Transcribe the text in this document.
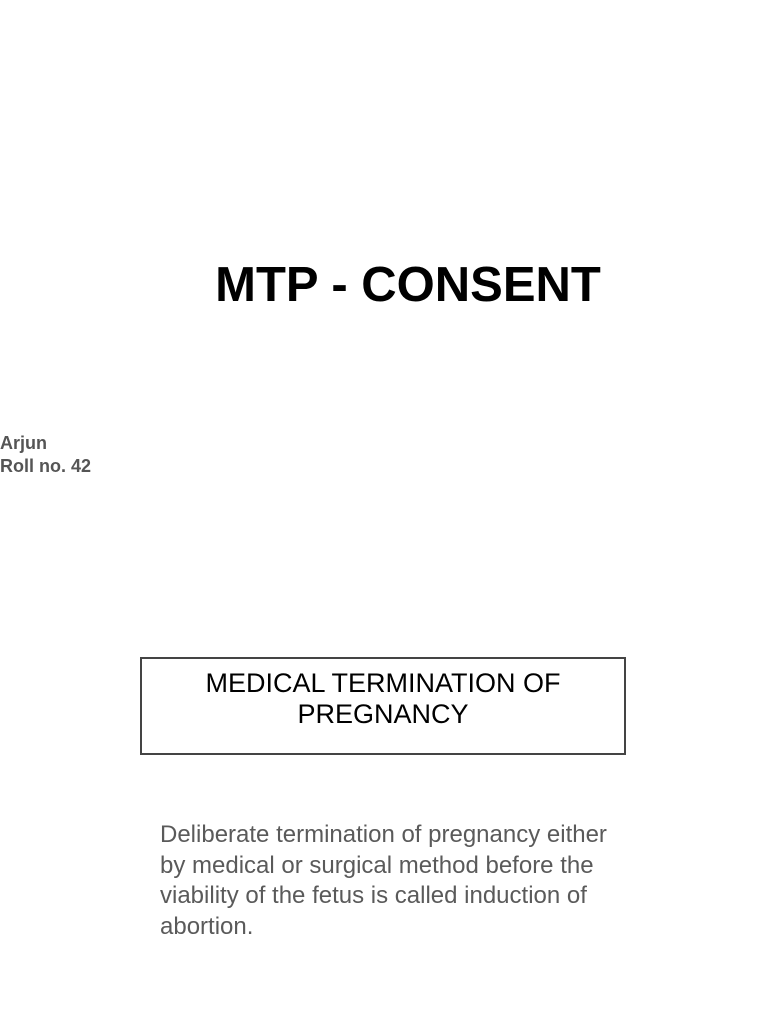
MTP - CONSENT
Arjun
Roll no. 42
MEDICAL TERMINATION OF PREGNANCY

Deliberate termination of pregnancy either by medical or surgical method before the viability of the fetus is called induction of abortion.
